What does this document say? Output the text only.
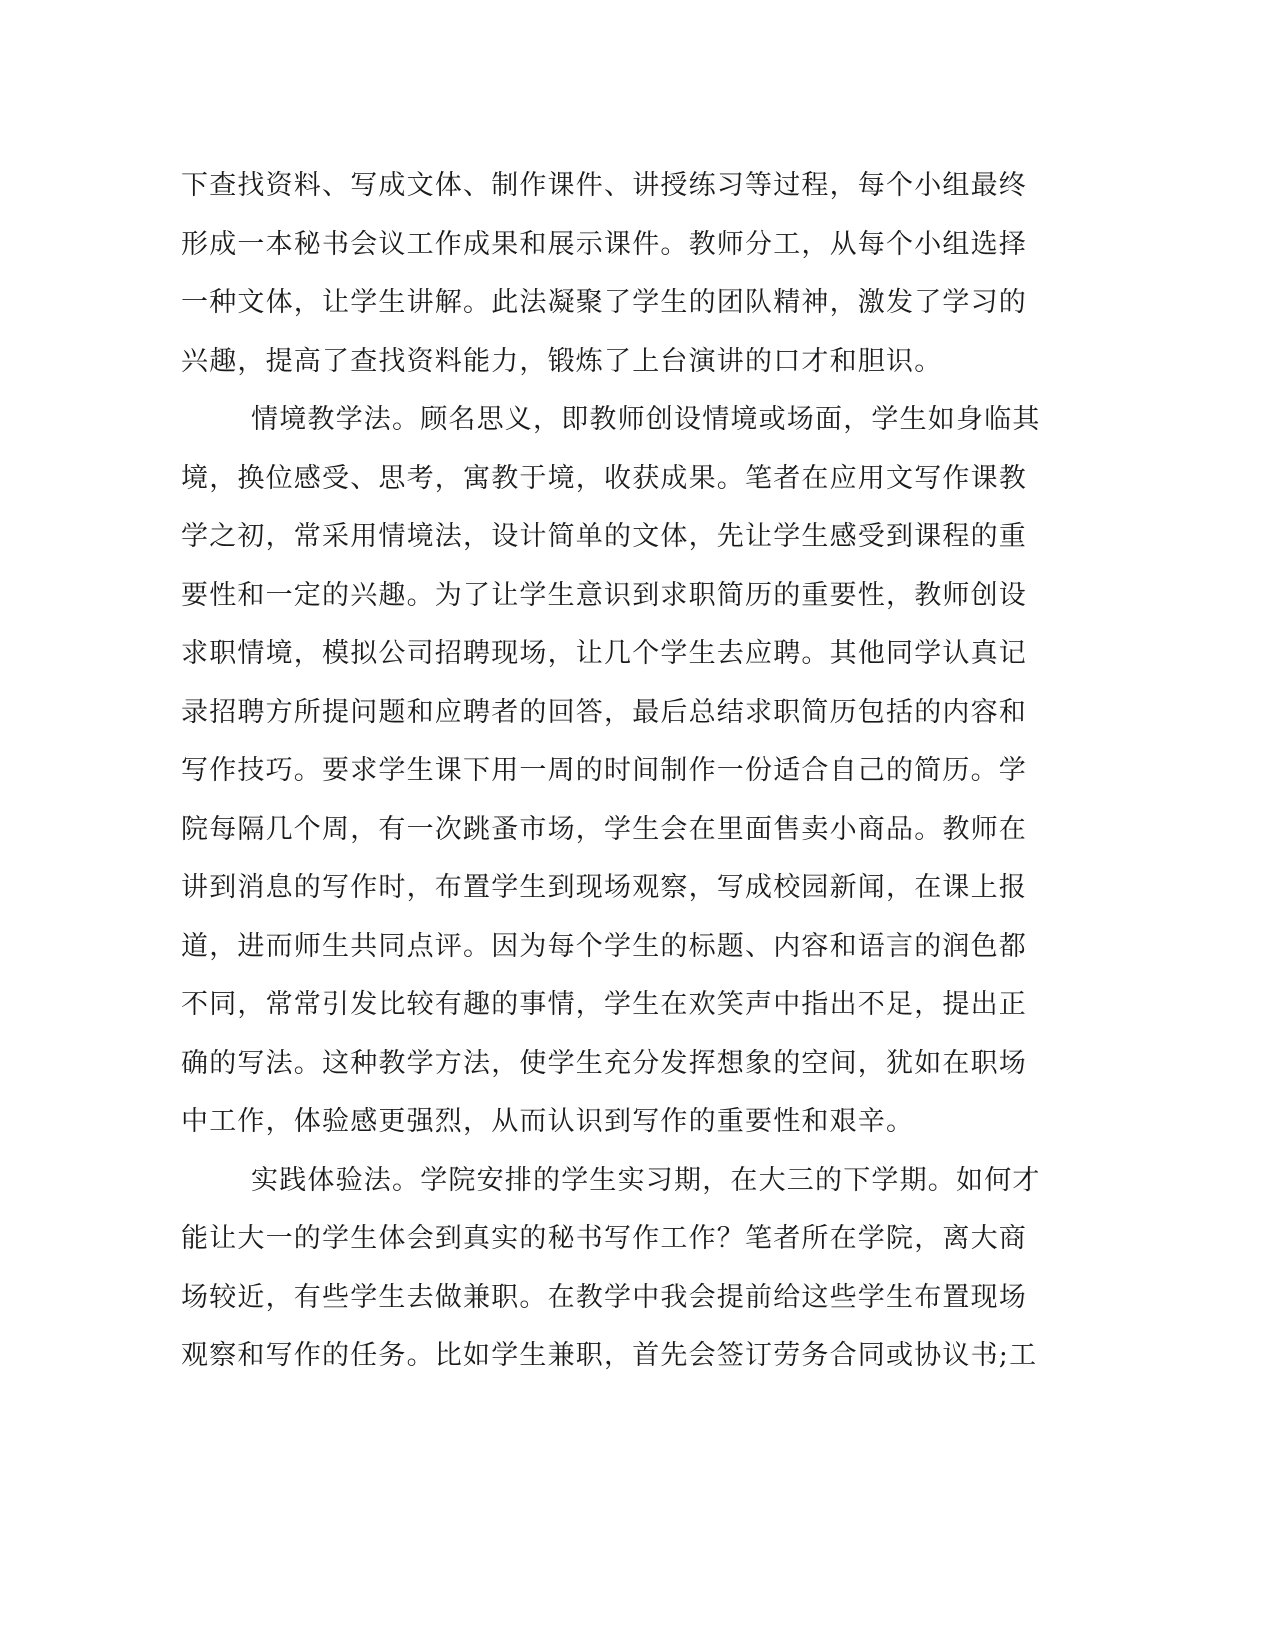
下查找资料、写成文体、制作课件、讲授练习等过程，每个小组最终
形成一本秘书会议工作成果和展示课件。教师分工，从每个小组选择
一种文体，让学生讲解。此法凝聚了学生的团队精神，激发了学习的
兴趣，提高了查找资料能力，锻炼了上台演讲的口才和胆识。
情境教学法。顾名思义，即教师创设情境或场面，学生如身临其
境，换位感受、思考，寓教于境，收获成果。笔者在应用文写作课教
学之初，常采用情境法，设计简单的文体，先让学生感受到课程的重
要性和一定的兴趣。为了让学生意识到求职简历的重要性，教师创设
求职情境，模拟公司招聘现场，让几个学生去应聘。其他同学认真记
录招聘方所提问题和应聘者的回答，最后总结求职简历包括的内容和
写作技巧。要求学生课下用一周的时间制作一份适合自己的简历。学
院每隔几个周，有一次跳蚤市场，学生会在里面售卖小商品。教师在
讲到消息的写作时，布置学生到现场观察，写成校园新闻，在课上报
道，进而师生共同点评。因为每个学生的标题、内容和语言的润色都
不同，常常引发比较有趣的事情，学生在欢笑声中指出不足，提出正
确的写法。这种教学方法，使学生充分发挥想象的空间，犹如在职场
中工作，体验感更强烈，从而认识到写作的重要性和艰辛。
实践体验法。学院安排的学生实习期，在大三的下学期。如何才
能让大一的学生体会到真实的秘书写作工作？笔者所在学院，离大商
场较近，有些学生去做兼职。在教学中我会提前给这些学生布置现场
观察和写作的任务。比如学生兼职，首先会签订劳务合同或协议书;工
